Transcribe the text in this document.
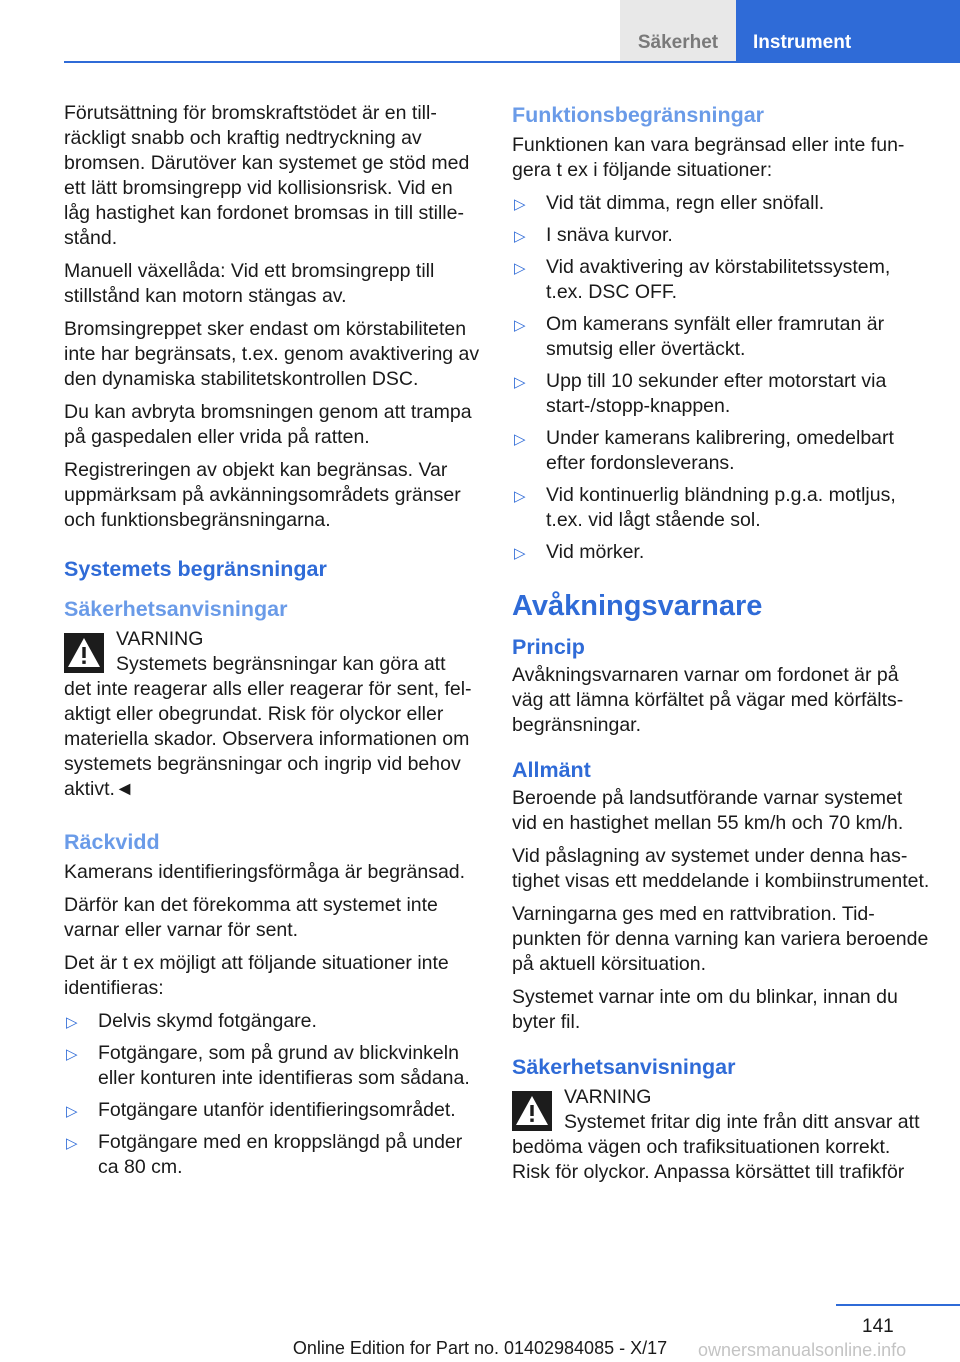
Säkerhet	Instrument

Förutsättning för bromskraftstödet är en tillräckligt snabb och kraftig nedtryckning av bromsen. Därutöver kan systemet ge stöd med ett lätt bromsingrepp vid kollisionsrisk. Vid en låg hastighet kan fordonet bromsas in till stillestånd.

Manuell växellåda: Vid ett bromsingrepp till stillstånd kan motorn stängas av.

Bromsingreppet sker endast om körstabiliteten inte har begränsats, t.ex. genom avaktivering av den dynamiska stabilitetskontrollen DSC.

Du kan avbryta bromsningen genom att trampa på gaspedalen eller vrida på ratten.

Registreringen av objekt kan begränsas. Var uppmärksam på avkänningsområdets gränser och funktionsbegränsningarna.

Systemets begränsningar
Säkerhetsanvisningar
VARNING
Systemets begränsningar kan göra att
det inte reagerar alls eller reagerar för sent, felaktigt eller obegrundat. Risk för olyckor eller materiella skador. Observera informationen om systemets begränsningar och ingrip vid behov aktivt.◄
Räckvidd

Kamerans identifieringsförmåga är begränsad.

Därför kan det förekomma att systemet inte varnar eller varnar för sent.

Det är t ex möjligt att följande situationer inte identifieras:

▷ Delvis skymd fotgängare.
▷ Fotgängare, som på grund av blickvinkeln eller konturen inte identifieras som sådana.
▷ Fotgängare utanför identifieringsområdet.
▷ Fotgängare med en kroppslängd på under ca 80 cm.
Funktionsbegränsningar

Funktionen kan vara begränsad eller inte fungera t ex i följande situationer:

▷ Vid tät dimma, regn eller snöfall.
▷ I snäva kurvor.
▷ Vid avaktivering av körstabilitetssystem, t.ex. DSC OFF.
▷ Om kamerans synfält eller framrutan är smutsig eller övertäckt.
▷ Upp till 10 sekunder efter motorstart via start-/stopp-knappen.
▷ Under kamerans kalibrering, omedelbart efter fordonsleverans.
▷ Vid kontinuerlig bländning p.g.a. motljus, t.ex. vid lågt stående sol.
▷ Vid mörker.
Avåkningsvarnare
Princip

Avåkningsvarnaren varnar om fordonet är på väg att lämna körfältet på vägar med körfältsbegränsningar.

Allmänt

Beroende på landsutförande varnar systemet vid en hastighet mellan 55 km/h och 70 km/h.

Vid påslagning av systemet under denna hastighet visas ett meddelande i kombiinstrumentet.

Varningarna ges med en rattvibration. Tidpunkten för denna varning kan variera beroende på aktuell körsituation.

Systemet varnar inte om du blinkar, innan du byter fil.

Säkerhetsanvisningar
VARNING
Systemet fritar dig inte från ditt ansvar att
bedöma vägen och trafiksituationen korrekt. Risk för olyckor. Anpassa körsättet till trafikför
141
Online Edition for Part no. 01402984085 - X/17	ownersmanualsonline.info
